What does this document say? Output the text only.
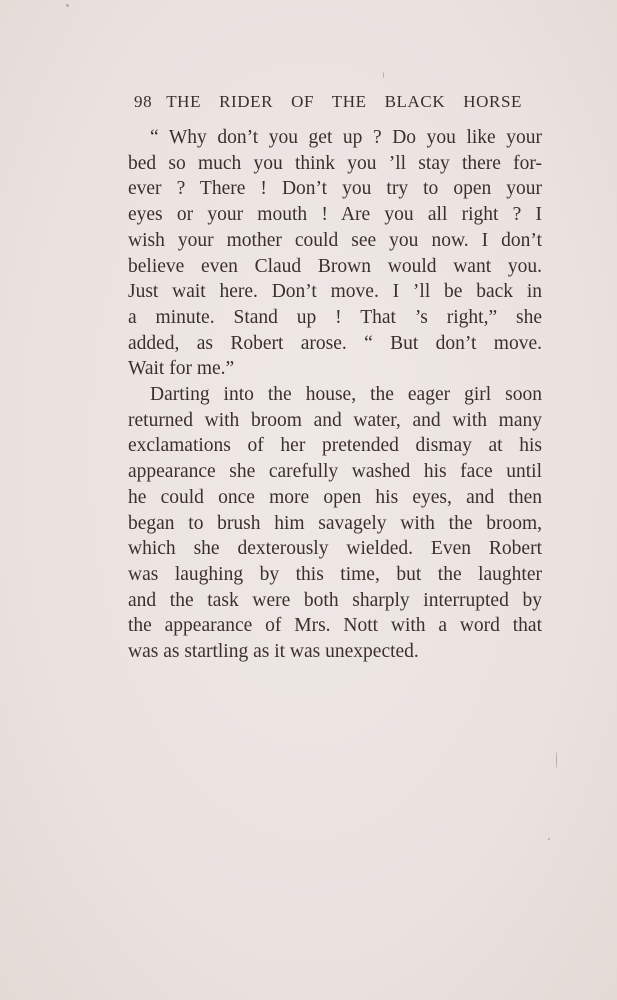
98 THE RIDER OF THE BLACK HORSE
“ Why don’t you get up ? Do you like your
bed so much you think you ’ll stay there for-
ever ? There ! Don’t you try to open your
eyes or your mouth ! Are you all right ? I
wish your mother could see you now. I don’t
believe even Claud Brown would want you.
Just wait here. Don’t move. I ’ll be back in
a minute. Stand up ! That ’s right,” she
added, as Robert arose. “ But don’t move.
Wait for me.”
Darting into the house, the eager girl soon
returned with broom and water, and with many
exclamations of her pretended dismay at his
appearance she carefully washed his face until
he could once more open his eyes, and then
began to brush him savagely with the broom,
which she dexterously wielded. Even Robert
was laughing by this time, but the laughter
and the task were both sharply interrupted by
the appearance of Mrs. Nott with a word that
was as startling as it was unexpected.
